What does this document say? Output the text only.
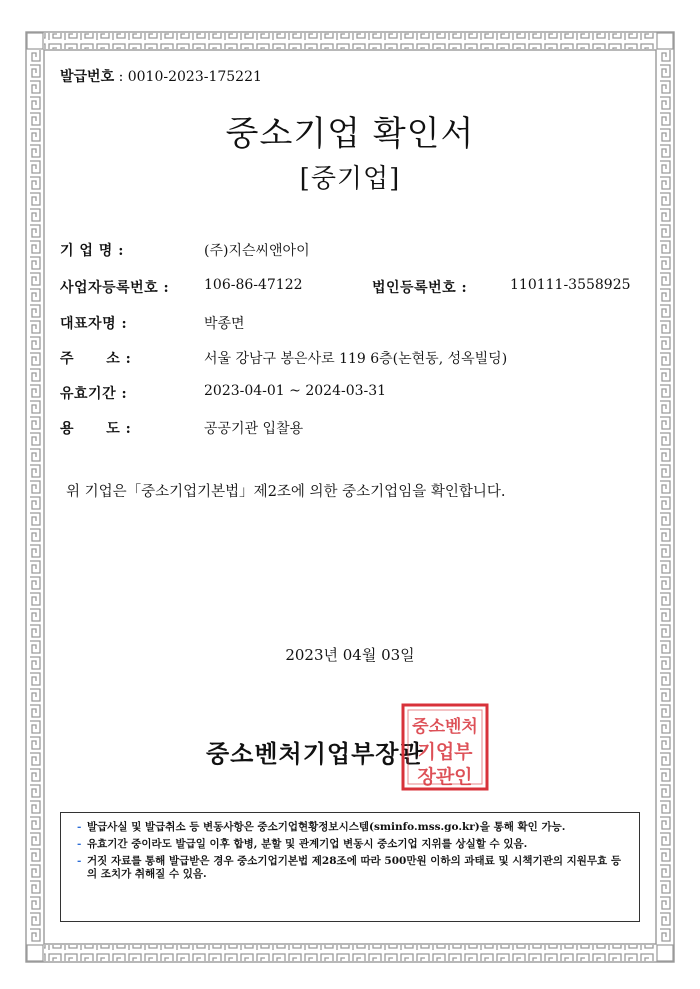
발급번호 : 0010-2023-175221
중소기업 확인서
[중기업]
기 업 명 :	(주)지슨씨앤아이
사업자등록번호 : 106-86-47122	법인등록번호 :	110111-3558925
대표자명 :	박종면
주      소 :	서울 강남구 봉은사로 119 6층(논현동, 성옥빌딩)
유효기간 :	2023-04-01 ~ 2024-03-31
용      도 :	공공기관 입찰용
위 기업은「중소기업기본법」제2조에 의한 중소기업임을 확인합니다.
2023년 04월 03일
중소벤처기업부장관
중소벤처
기업부
장관인
- 발급사실 및 발급취소 등 변동사항은 중소기업현황정보시스템(sminfo.mss.go.kr)을 통해 확인 가능.
- 유효기간 중이라도 발급일 이후 합병, 분할 및 관계기업 변동시 중소기업 지위를 상실할 수 있음.
- 거짓 자료를 통해 발급받은 경우 중소기업기본법 제28조에 따라 500만원 이하의 과태료 및 시책기관의 지원무효 등의 조치가 취해질 수 있음.
